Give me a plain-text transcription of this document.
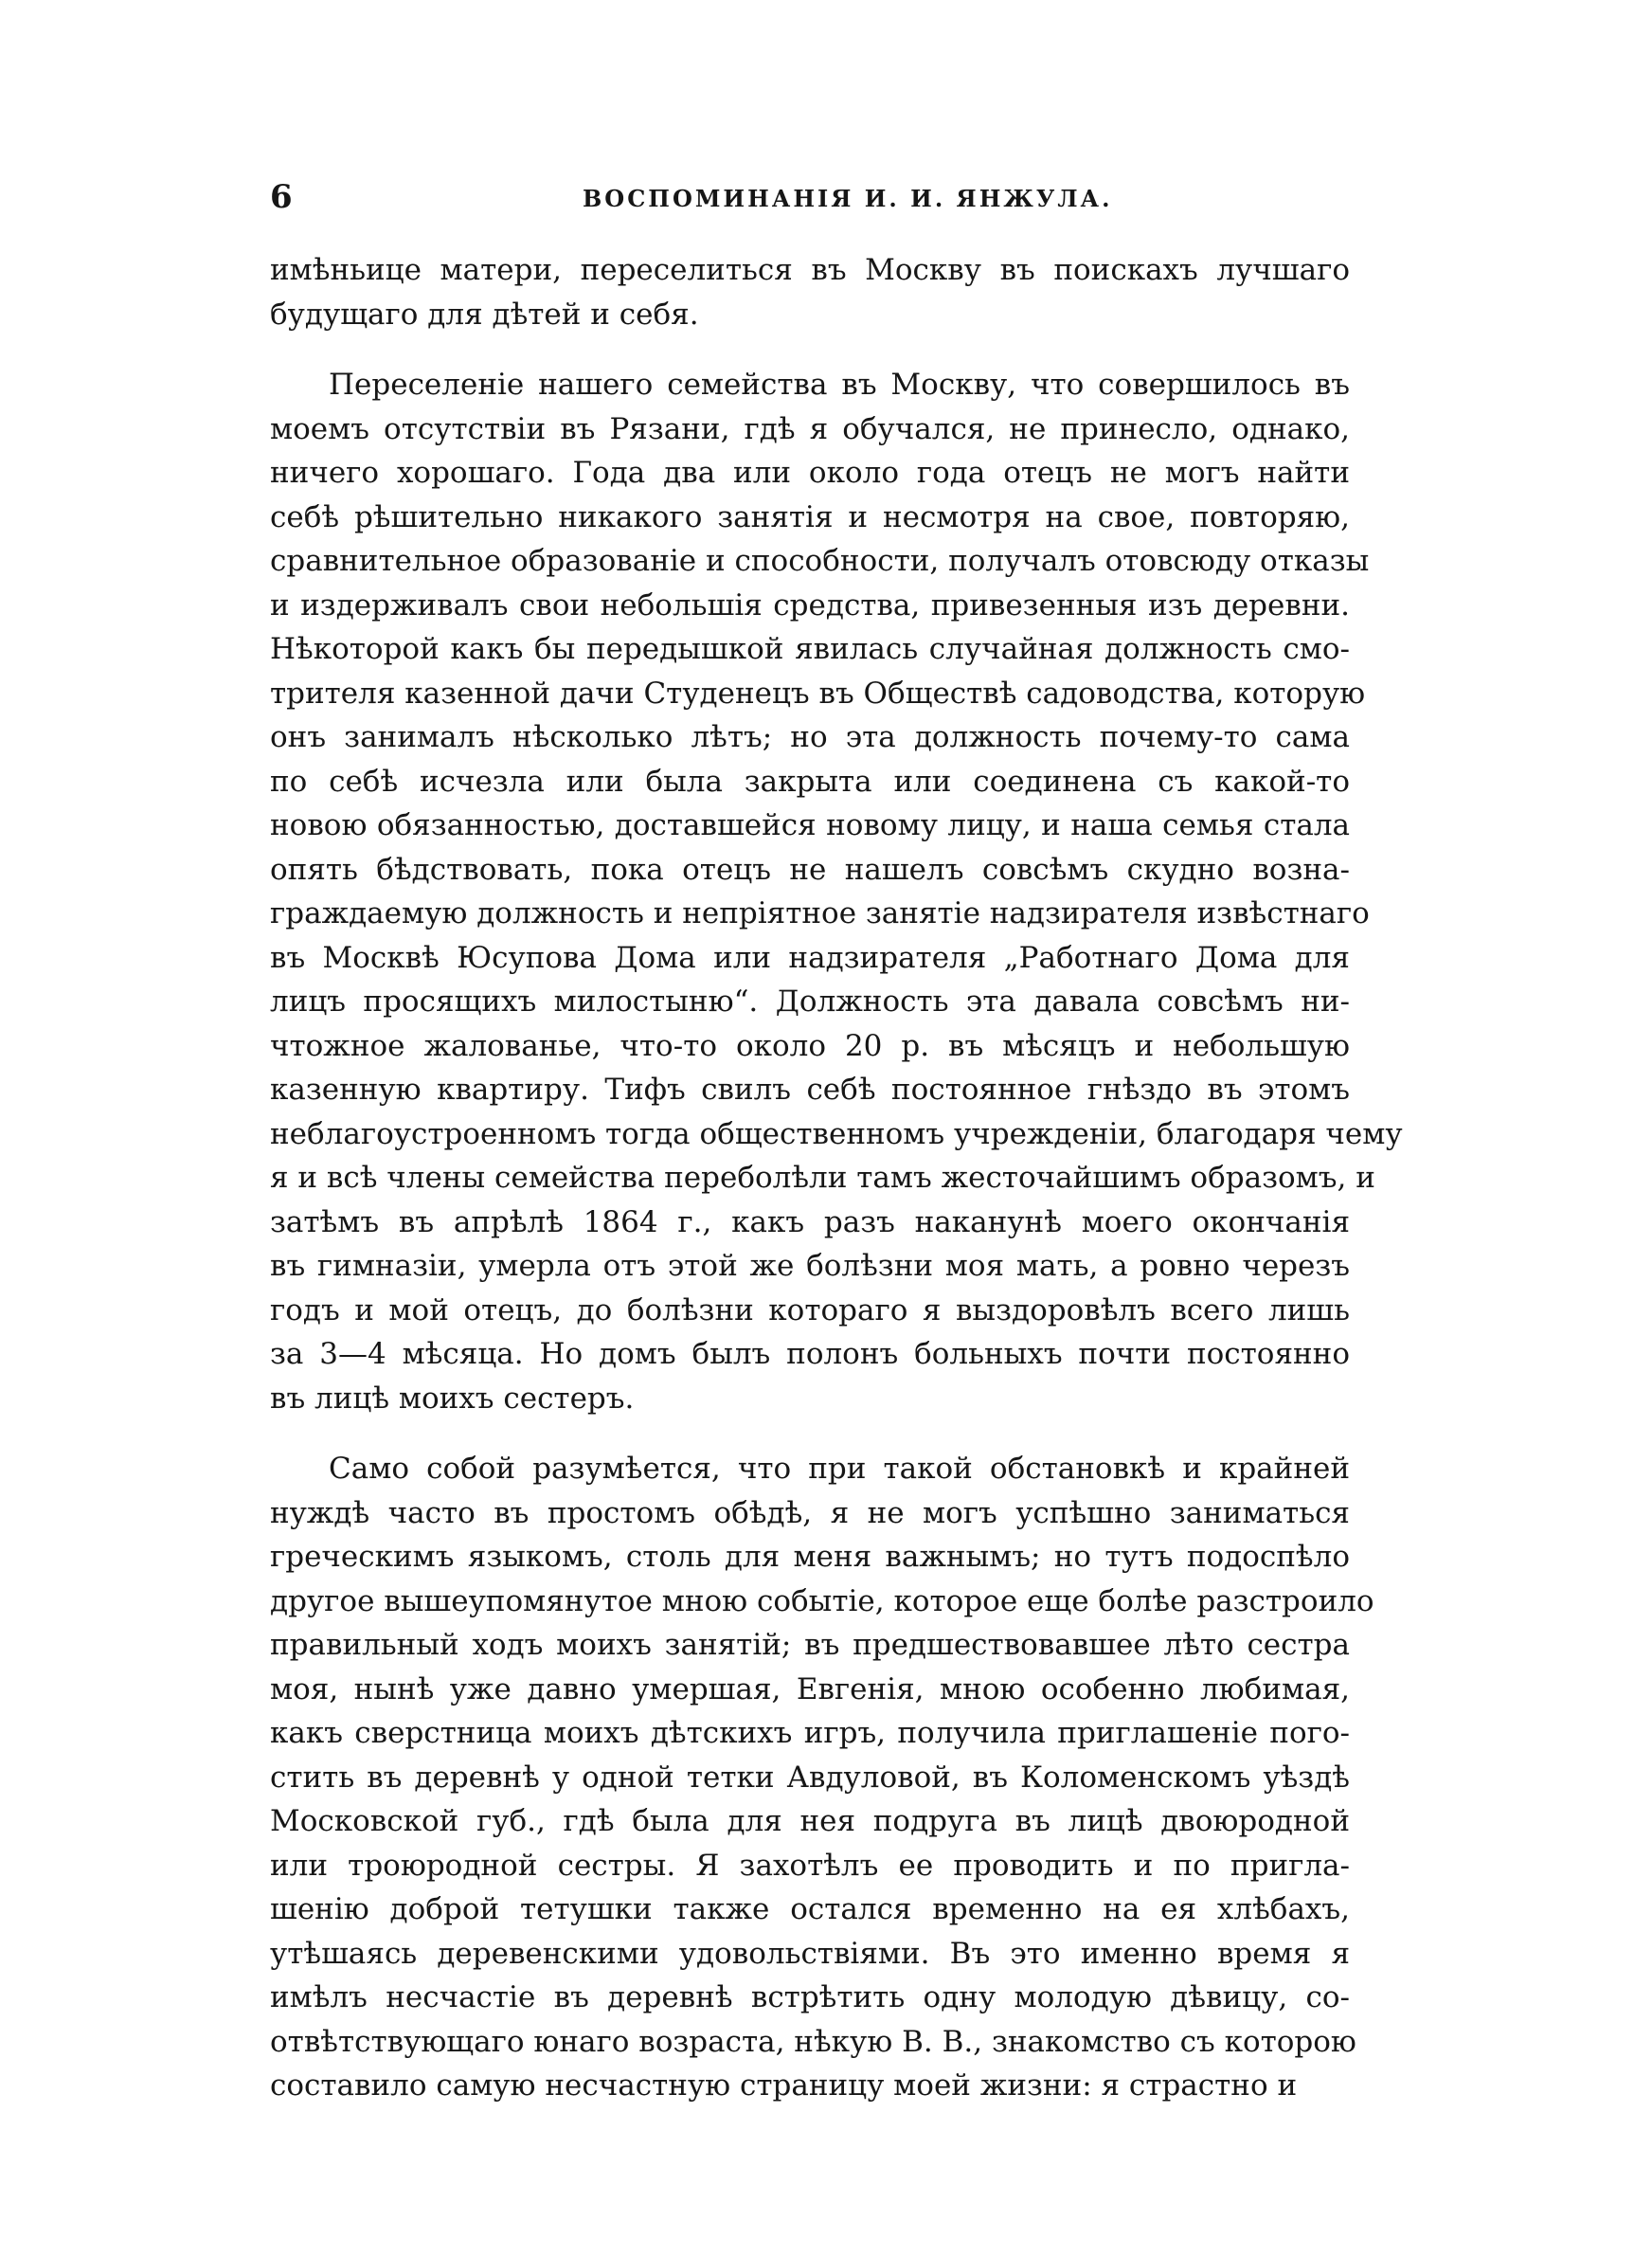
6	ВОСПОМИНАНІЯ И. И. ЯНЖУЛА.
имѣньице матери, переселиться въ Москву въ поискахъ лучшаго
будущаго для дѣтей и себя.
Переселеніе нашего семейства въ Москву, что совершилось въ
моемъ отсутствіи въ Рязани, гдѣ я обучался, не принесло, однако,
ничего хорошаго. Года два или около года отецъ не могъ найти
себѣ рѣшительно никакого занятія и несмотря на свое, повторяю,
сравнительное образованіе и способности, получалъ отовсюду отказы
и издерживалъ свои небольшія средства, привезенныя изъ деревни.
Нѣкоторой какъ бы передышкой явилась случайная должность смо-
трителя казенной дачи Студенецъ въ Обществѣ садоводства, которую
онъ занималъ нѣсколько лѣтъ; но эта должность почему-то сама
по себѣ исчезла или была закрыта или соединена съ какой-то
новою обязанностью, доставшейся новому лицу, и наша семья стала
опять бѣдствовать, пока отецъ не нашелъ совсѣмъ скудно возна-
граждаемую должность и непріятное занятіе надзирателя извѣстнаго
въ Москвѣ Юсупова Дома или надзирателя „Работнаго Дома для
лицъ просящихъ милостыню“. Должность эта давала совсѣмъ ни-
чтожное жалованье, что-то около 20 р. въ мѣсяцъ и небольшую
казенную квартиру. Тифъ свилъ себѣ постоянное гнѣздо въ этомъ
неблагоустроенномъ тогда общественномъ учрежденіи, благодаря чему
я и всѣ члены семейства переболѣли тамъ жесточайшимъ образомъ, и
затѣмъ въ апрѣлѣ 1864 г., какъ разъ наканунѣ моего окончанія
въ гимназіи, умерла отъ этой же болѣзни моя мать, а ровно черезъ
годъ и мой отецъ, до болѣзни котораго я выздоровѣлъ всего лишь
за 3—4 мѣсяца. Но домъ былъ полонъ больныхъ почти постоянно
въ лицѣ моихъ сестеръ.
Само собой разумѣется, что при такой обстановкѣ и крайней
нуждѣ часто въ простомъ обѣдѣ, я не могъ успѣшно заниматься
греческимъ языкомъ, столь для меня важнымъ; но тутъ подоспѣло
другое вышеупомянутое мною событіе, которое еще болѣе разстроило
правильный ходъ моихъ занятій; въ предшествовавшее лѣто сестра
моя, нынѣ уже давно умершая, Евгенія, мною особенно любимая,
какъ сверстница моихъ дѣтскихъ игръ, получила приглашеніе пого-
стить въ деревнѣ у одной тетки Авдуловой, въ Коломенскомъ уѣздѣ
Московской губ., гдѣ была для нея подруга въ лицѣ двоюродной
или троюродной сестры. Я захотѣлъ ее проводить и по пригла-
шенію доброй тетушки также остался временно на ея хлѣбахъ,
утѣшаясь деревенскими удовольствіями. Въ это именно время я
имѣлъ несчастіе въ деревнѣ встрѣтить одну молодую дѣвицу, со-
отвѣтствующаго юнаго возраста, нѣкую В. В., знакомство съ которою
составило самую несчастную страницу моей жизни: я страстно и
